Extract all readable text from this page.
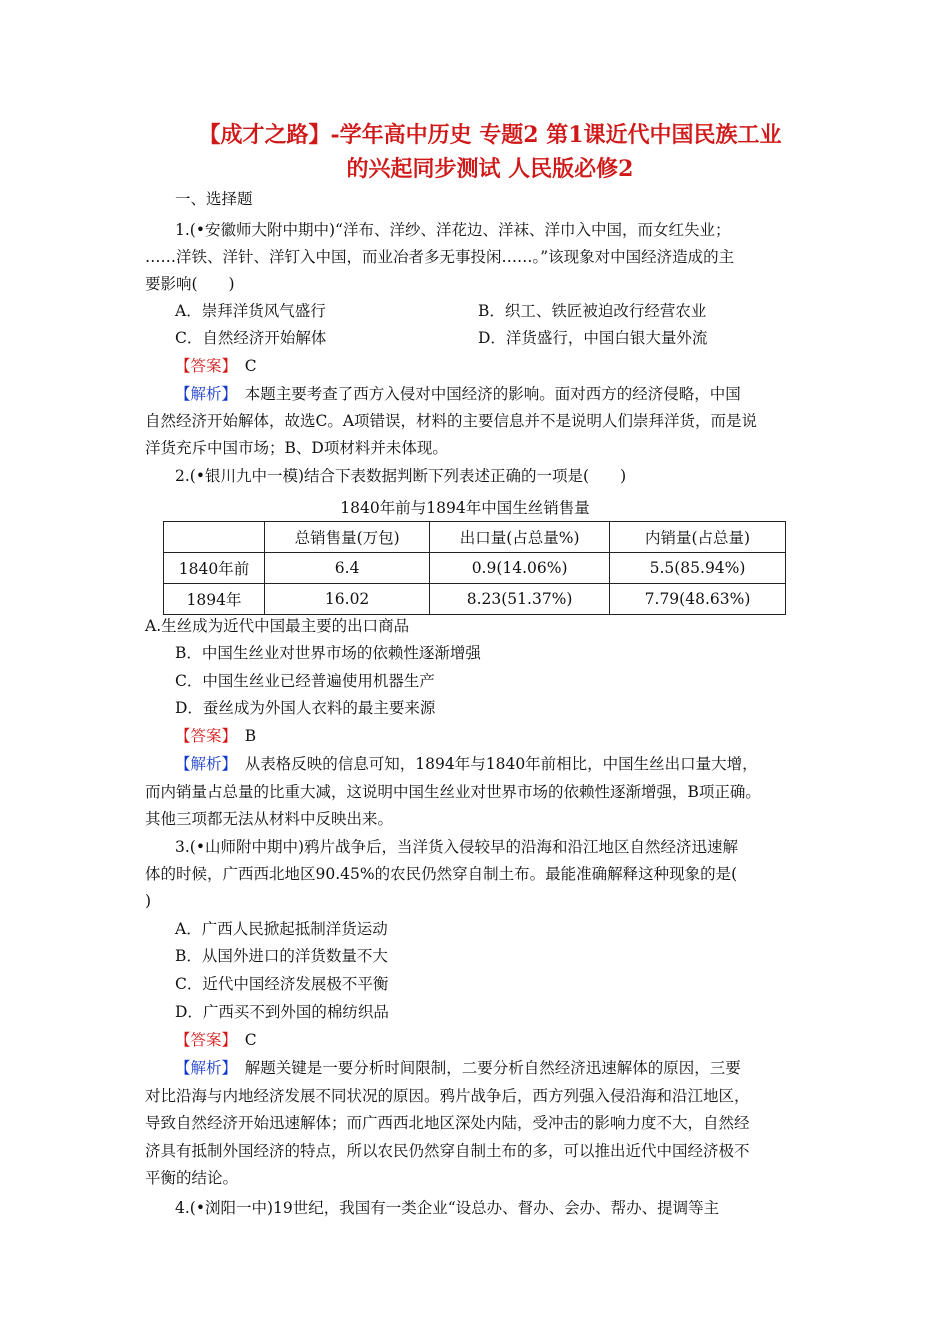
【成才之路】-学年高中历史 专题2 第1课近代中国民族工业
的兴起同步测试 人民版必修2
一、选择题
1.(•安徽师大附中期中)“洋布、洋纱、洋花边、洋袜、洋巾入中国，而女红失业；
……洋铁、洋针、洋钉入中国，而业冶者多无事投闲……。”该现象对中国经济造成的主
要影响(　　)
A．崇拜洋货风气盛行	B．织工、铁匠被迫改行经营农业
C．自然经济开始解体	D．洋货盛行，中国白银大量外流
【答案】　 C
【解析】　 本题主要考查了西方入侵对中国经济的影响。面对西方的经济侵略，中国
自然经济开始解体，故选C。A项错误，材料的主要信息并不是说明人们崇拜洋货，而是说
洋货充斥中国市场；B、D项材料并未体现。
2.(•银川九中一模)结合下表数据判断下列表述正确的一项是(　　)
1840年前与1894年中国生丝销售量
	总销售量(万包)	出口量(占总量%)	内销量(占总量)
1840年前	6.4	0.9(14.06%)	5.5(85.94%)
1894年	16.02	8.23(51.37%)	7.79(48.63%)
A.生丝成为近代中国最主要的出口商品
B．中国生丝业对世界市场的依赖性逐渐增强
C．中国生丝业已经普遍使用机器生产
D．蚕丝成为外国人衣料的最主要来源
【答案】　 B
【解析】　 从表格反映的信息可知，1894年与1840年前相比，中国生丝出口量大增，
而内销量占总量的比重大减，这说明中国生丝业对世界市场的依赖性逐渐增强，B项正确。
其他三项都无法从材料中反映出来。
3.(•山师附中期中)鸦片战争后，当洋货入侵较早的沿海和沿江地区自然经济迅速解
体的时候，广西西北地区90.45%的农民仍然穿自制土布。最能准确解释这种现象的是(
)
A．广西人民掀起抵制洋货运动
B．从国外进口的洋货数量不大
C．近代中国经济发展极不平衡
D．广西买不到外国的棉纺织品
【答案】　 C
【解析】　 解题关键是一要分析时间限制，二要分析自然经济迅速解体的原因，三要
对比沿海与内地经济发展不同状况的原因。鸦片战争后，西方列强入侵沿海和沿江地区，
导致自然经济开始迅速解体；而广西西北地区深处内陆，受冲击的影响力度不大，自然经
济具有抵制外国经济的特点，所以农民仍然穿自制土布的多，可以推出近代中国经济极不
平衡的结论。
4.(•浏阳一中)19世纪，我国有一类企业“设总办、督办、会办、帮办、提调等主
